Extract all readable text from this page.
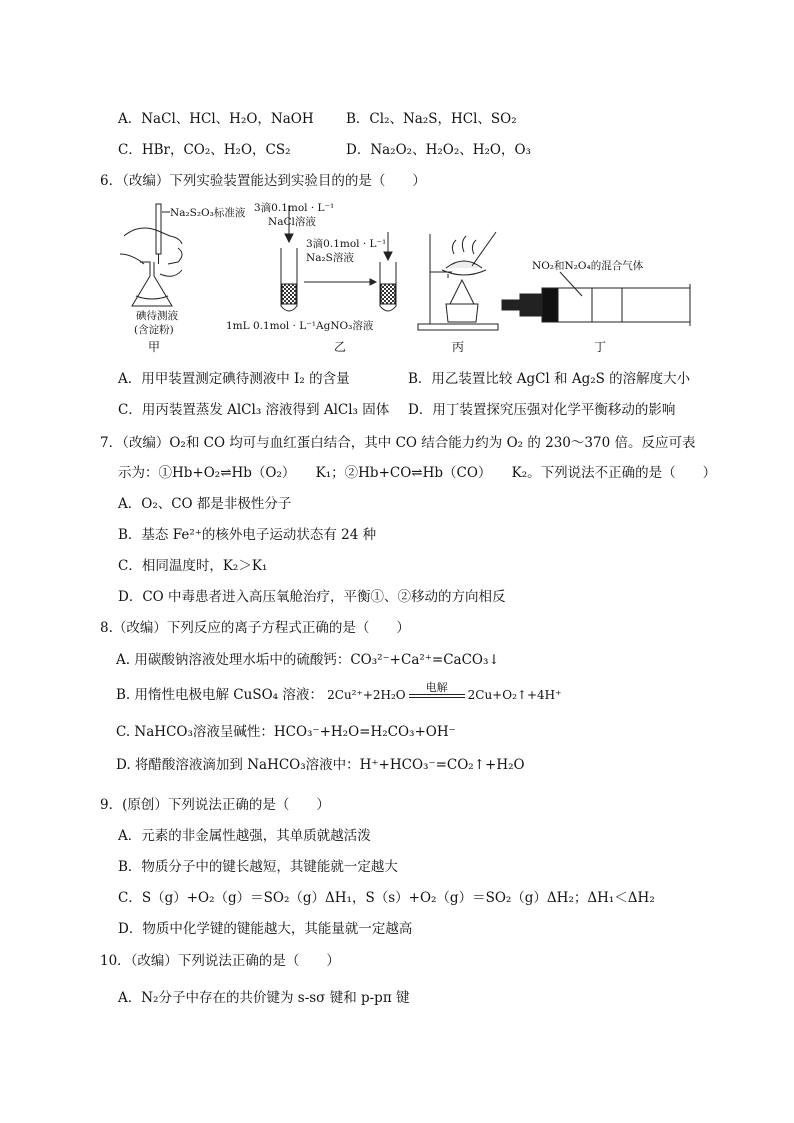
A．NaCl、HCl、H₂O，NaOH B．Cl₂、Na₂S，HCl、SO₂
C．HBr，CO₂、H₂O，CS₂	D．Na₂O₂、H₂O₂、H₂O，O₃
6．（改编）下列实验装置能达到实验目的的是（　　）
Na₂S₂O₃标准液
碘待测液
(含淀粉)
3滴0.1mol · L⁻¹
NaCl溶液
3滴0.1mol · L⁻¹
Na₂S溶液
1mL 0.1mol · L⁻¹AgNO₃溶液
NO₂和N₂O₄的混合气体
甲	乙	丙	丁
A．用甲装置测定碘待测液中 I₂ 的含量	B．用乙装置比较 AgCl 和 Ag₂S 的溶解度大小
C．用丙装置蒸发 AlCl₃ 溶液得到 AlCl₃ 固体 D．用丁装置探究压强对化学平衡移动的影响
7．（改编）O₂和 CO 均可与血红蛋白结合，其中 CO 结合能力约为 O₂ 的 230～370 倍。反应可表
示为：①Hb+O₂⇌Hb（O₂）　　K₁；②Hb+CO⇌Hb（CO）　　K₂。下列说法不正确的是（　　）
A．O₂、CO 都是非极性分子
B．基态 Fe²⁺的核外电子运动状态有 24 种
C．相同温度时，K₂＞K₁
D．CO 中毒患者进入高压氧舱治疗，平衡①、②移动的方向相反
8.（改编）下列反应的离子方程式正确的是（　　）
A. 用碳酸钠溶液处理水垢中的硫酸钙：CO₃²⁻+Ca²⁺=CaCO₃↓
B. 用惰性电极电解 CuSO₄ 溶液： 2Cu²⁺+2H₂O
电解
2Cu+O₂↑+4H⁺
C. NaHCO₃溶液呈碱性：HCO₃⁻+H₂O=H₂CO₃+OH⁻
D. 将醋酸溶液滴加到 NaHCO₃溶液中：H⁺+HCO₃⁻=CO₂↑+H₂O
9．(原创）下列说法正确的是（　　）
A．元素的非金属性越强，其单质就越活泼
B．物质分子中的键长越短，其键能就一定越大
C．S（g）+O₂（g）＝SO₂（g）ΔH₁，S（s）+O₂（g）＝SO₂（g）ΔH₂；ΔH₁＜ΔH₂
D．物质中化学键的键能越大，其能量就一定越高
10．（改编）下列说法正确的是（　　）
A．N₂分子中存在的共价键为 s-sσ 键和 p-pπ 键
